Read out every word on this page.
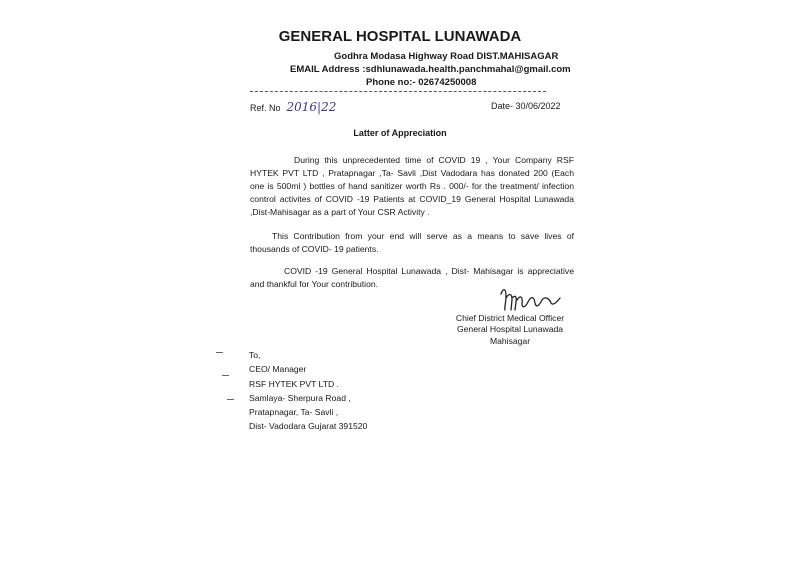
GENERAL HOSPITAL LUNAWADA
Godhra Modasa Highway Road DIST.MAHISAGAR
EMAIL Address :sdhlunawada.health.panchmahal@gmail.com
Phone no:- 02674250008
Ref. No 2016|22	Date- 30/06/2022
Latter of Appreciation

During this unprecedented time of COVID 19 , Your Company RSF HYTEK PVT LTD , Pratapnagar ,Ta- Savli ,Dist Vadodara has donated 200 (Each one is 500ml ) bottles of hand sanitizer worth Rs . 000/- for the treatment/ infection control activites of COVID -19 Patients at COVID_19 General Hospital Lunawada ,Dist-Mahisagar as a part of Your CSR Activity .

This Contribution from your end will serve as a means to save lives of thousands of COVID- 19 patients.

COVID -19 General Hospital Lunawada , Dist- Mahisagar is appreciative and thankful for Your contribution.

Chief District Medical Officer
General Hospital Lunawada
Mahisagar
To,
CEO/ Manager
RSF HYTEK PVT LTD .
Samlaya- Sherpura Road ,
Pratapnagar, Ta- Savli ,
Dist- Vadodara Gujarat 391520
